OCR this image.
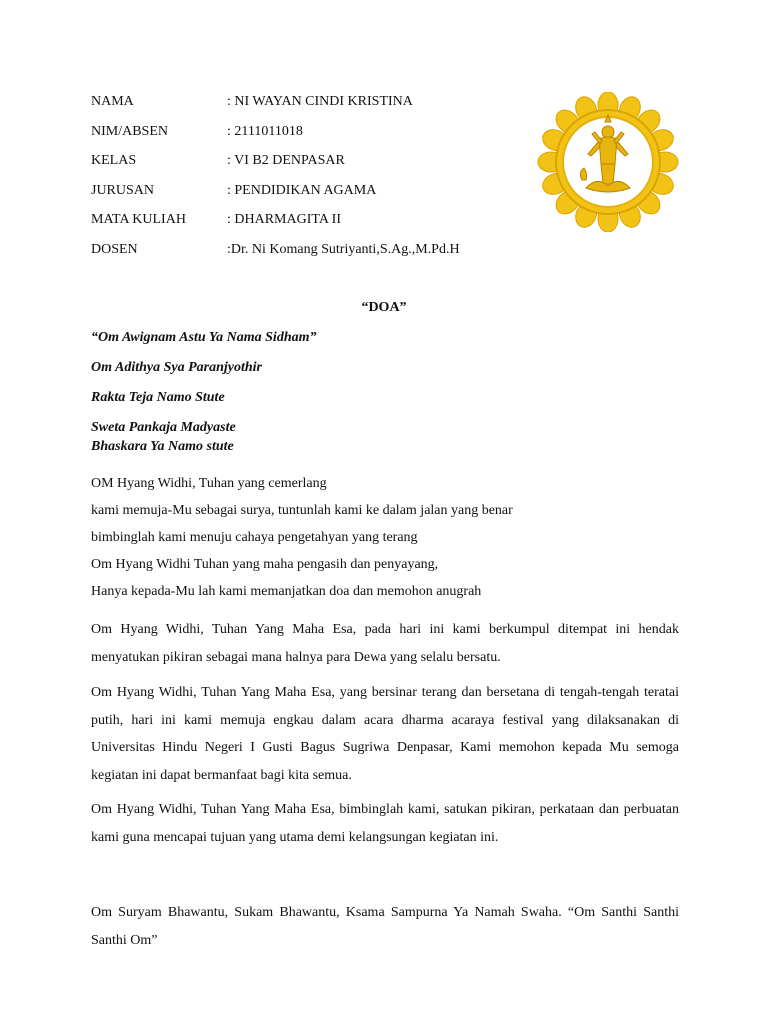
NAMA	: NI WAYAN CINDI KRISTINA
NIM/ABSEN	: 2111011018
KELAS	: VI B2 DENPASAR
JURUSAN	: PENDIDIKAN AGAMA
MATA KULIAH	: DHARMAGITA II
DOSEN	:Dr. Ni Komang Sutriyanti,S.Ag.,M.Pd.H
“DOA”

“Om Awignam Astu Ya Nama Sidham”

Om Adithya Sya Paranjyothir

Rakta Teja Namo Stute

Sweta Pankaja Madyaste

Bhaskara Ya Namo stute

OM Hyang Widhi, Tuhan yang cemerlang
kami memuja-Mu sebagai surya, tuntunlah kami ke dalam jalan yang benar
bimbinglah kami menuju cahaya pengetahyan yang terang
Om Hyang Widhi Tuhan yang maha pengasih dan penyayang,
Hanya kepada-Mu lah kami memanjatkan doa dan memohon anugrah

Om Hyang Widhi, Tuhan Yang Maha Esa, pada hari ini kami berkumpul ditempat ini hendak menyatukan pikiran sebagai mana halnya para Dewa yang selalu bersatu.

Om Hyang Widhi, Tuhan Yang Maha Esa, yang bersinar terang dan bersetana di tengah-tengah teratai putih, hari ini kami memuja engkau dalam acara dharma acaraya festival yang dilaksanakan di Universitas Hindu Negeri I Gusti Bagus Sugriwa Denpasar, Kami memohon kepada Mu semoga kegiatan ini dapat bermanfaat bagi kita semua.

Om Hyang Widhi, Tuhan Yang Maha Esa, bimbinglah kami, satukan pikiran, perkataan dan perbuatan kami guna mencapai tujuan yang utama demi kelangsungan kegiatan ini.

Om Suryam Bhawantu, Sukam Bhawantu, Ksama Sampurna Ya Namah Swaha. “Om Santhi Santhi Santhi Om”
